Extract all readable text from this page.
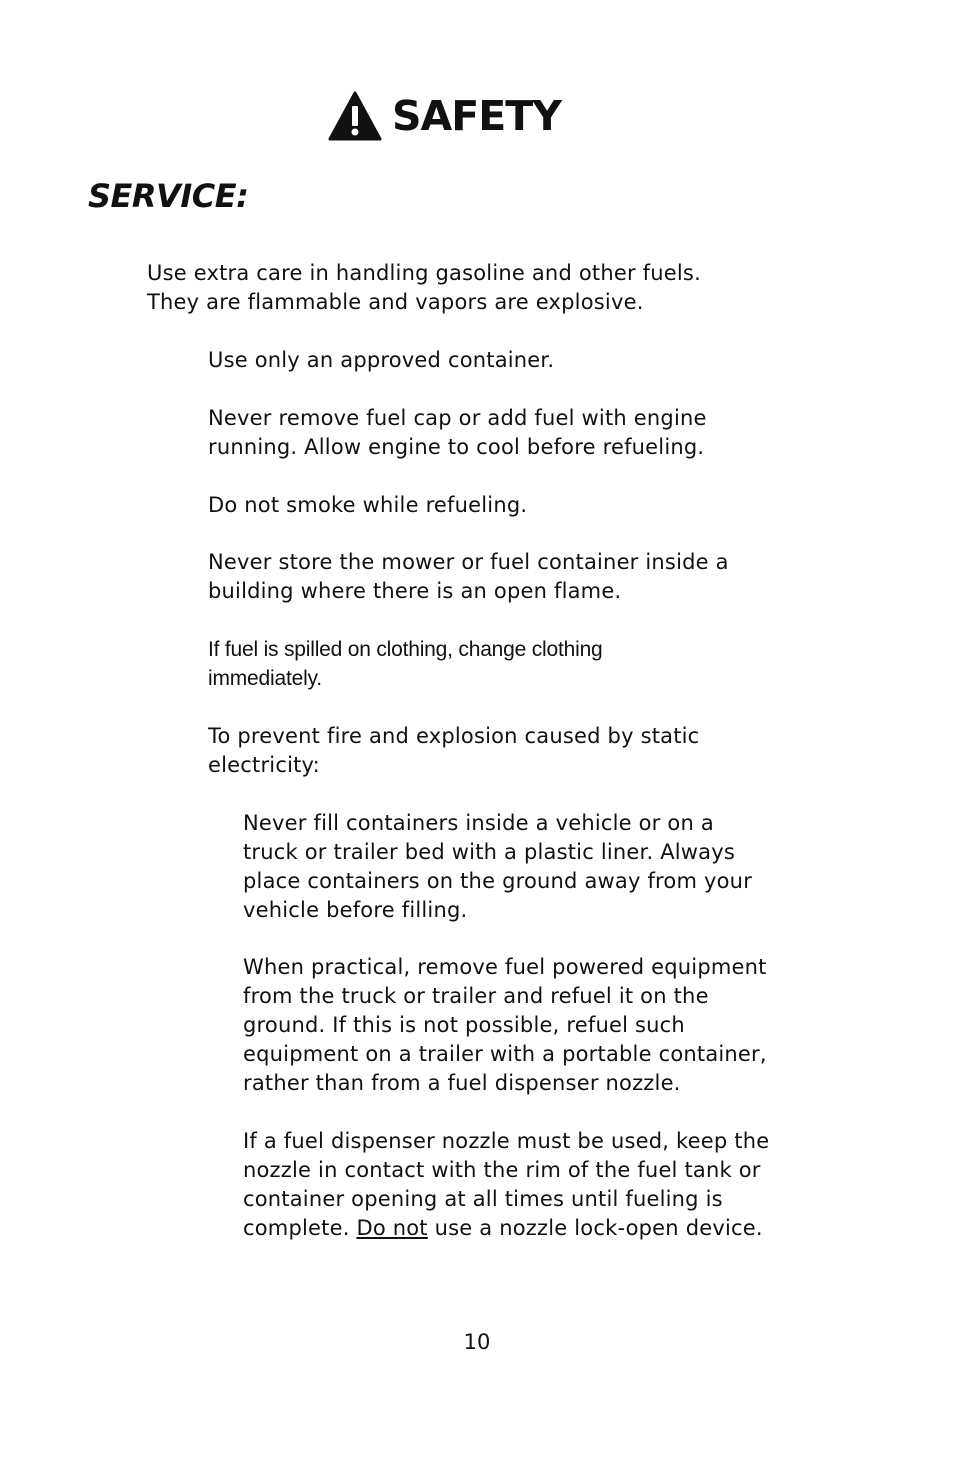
SAFETY
SERVICE:

Use extra care in handling gasoline and other fuels.
They are flammable and vapors are explosive.

Use only an approved container.

Never remove fuel cap or add fuel with engine
running. Allow engine to cool before refueling.

Do not smoke while refueling.

Never store the mower or fuel container inside a
building where there is an open flame.

If fuel is spilled on clothing, change clothing
immediately.

To prevent fire and explosion caused by static
electricity:

Never fill containers inside a vehicle or on a
truck or trailer bed with a plastic liner. Always
place containers on the ground away from your
vehicle before filling.

When practical, remove fuel powered equipment
from the truck or trailer and refuel it on the
ground. If this is not possible, refuel such
equipment on a trailer with a portable container,
rather than from a fuel dispenser nozzle.

If a fuel dispenser nozzle must be used, keep the
nozzle in contact with the rim of the fuel tank or
container opening at all times until fueling is
complete. Do not use a nozzle lock-open device.

10
